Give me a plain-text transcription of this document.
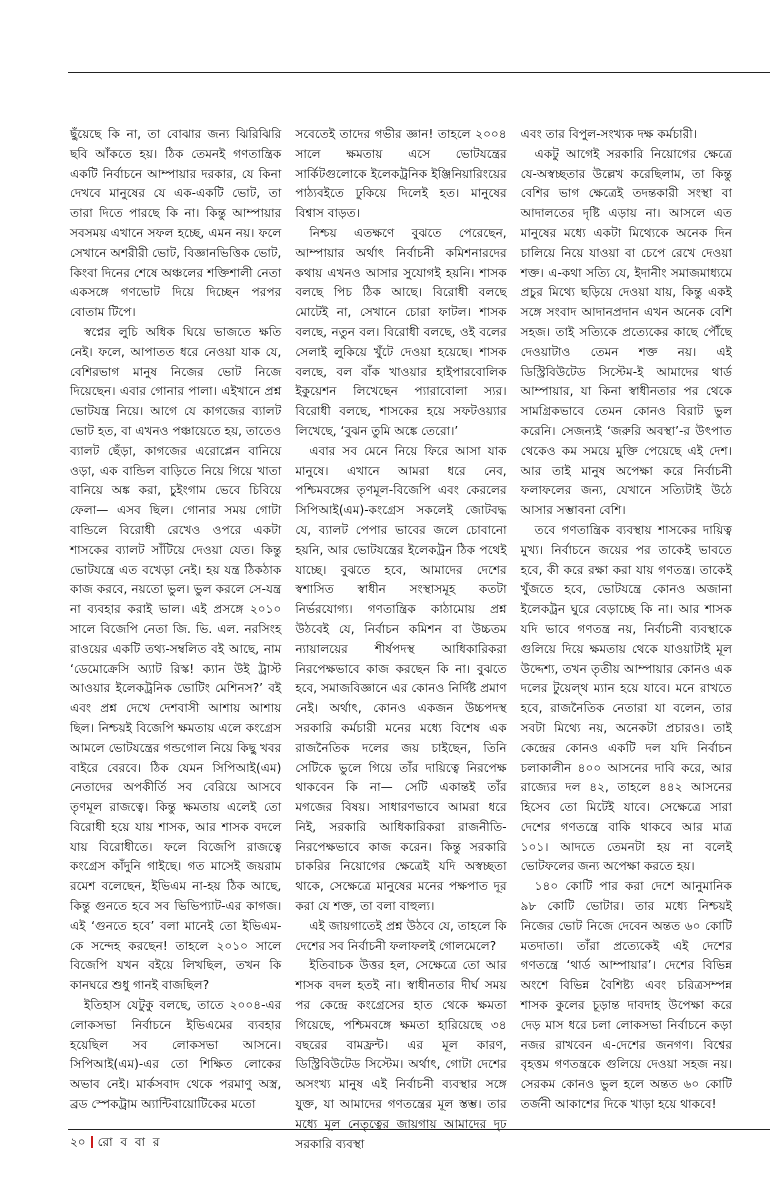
ছুঁয়েছে কি না, তা বোঝার জন্য ঝিরিঝিরি ছবি আঁকতে হয়। ঠিক তেমনই গণতান্ত্রিক একটি নির্বাচনে আম্পায়ার দরকার, যে কিনা দেখবে মানুষের যে এক-একটি ভোট, তা তারা দিতে পারছে কি না। কিন্তু আম্পায়ার সবসময় এখানে সফল হচ্ছে, এমন নয়। ফলে সেখানে অশরীরী ভোট, বিজ্ঞানভিত্তিক ভোট, কিংবা দিনের শেষে অঞ্চলের শক্তিশালী নেতা একসঙ্গে গণভোট দিয়ে দিচ্ছেন পরপর বোতাম টিপে।

স্বপ্নের লুচি অধিক ঘিয়ে ভাজতে ক্ষতি নেই। ফলে, আপাতত ধরে নেওয়া যাক যে, বেশিরভাগ মানুষ নিজের ভোট নিজে দিয়েছেন। এবার গোনার পালা। এইখানে প্রশ্ন ভোটযন্ত্র নিয়ে। আগে যে কাগজের ব্যালট ভোট হত, বা এখনও পঞ্চায়েতে হয়, তাতেও ব্যালট ছেঁড়া, কাগজের এরোপ্লেন বানিয়ে ওড়া, এক বান্ডিল বাড়িতে নিয়ে গিয়ে খাতা বানিয়ে অঙ্ক করা, চুইংগাম ভেবে চিবিয়ে ফেলা— এসব ছিল। গোনার সময় গোটা বান্ডিলে বিরোধী রেখেও ওপরে একটা শাসকের ব্যালট সাঁটিয়ে দেওয়া যেত। কিন্তু ভোটযন্ত্রে এত বখেড়া নেই। হয় যন্ত্র ঠিকঠাক কাজ করবে, নয়তো ভুল। ভুল করলে সে-যন্ত্র না ব্যবহার করাই ভাল। এই প্রসঙ্গে ২০১০ সালে বিজেপি নেতা জি. ভি. এল. নরসিংহ রাওয়ের একটি তথ্য-সম্বলিত বই আছে, নাম ‘ডেমোক্রেসি অ্যাট রিস্ক! ক্যান উই ট্রাস্ট আওয়ার ইলেকট্রনিক ভোটিং মেশিনস?’ বই এবং প্রশ্ন দেখে দেশবাসী আশায় আশায় ছিল। নিশ্চয়ই বিজেপি ক্ষমতায় এলে কংগ্রেস আমলে ভোটযন্ত্রের গন্ডগোল নিয়ে কিছু খবর বাইরে বেরবে। ঠিক যেমন সিপিআই(এম) নেতাদের অপকীর্তি সব বেরিয়ে আসবে তৃণমূল রাজত্বে। কিন্তু ক্ষমতায় এলেই তো বিরোধী হয়ে যায় শাসক, আর শাসক বদলে যায় বিরোধীতে। ফলে বিজেপি রাজত্বে কংগ্রেস কাঁদুনি গাইছে। গত মাসেই জয়রাম রমেশ বলেছেন, ইভিএম না-হয় ঠিক আছে, কিন্তু গুনতে হবে সব ভিভিপ্যাট-এর কাগজ। এই ‘গুনতে হবে’ বলা মানেই তো ইভিএম-কে সন্দেহ করছেন! তাহলে ২০১০ সালে বিজেপি যখন বইয়ে লিখছিল, তখন কি কানঘরে শুধু গানই বাজছিল?

ইতিহাস যেটুকু বলছে, তাতে ২০০৪-এর লোকসভা নির্বাচনে ইভিএমের ব্যবহার হয়েছিল সব লোকসভা আসনে। সিপিআই(এম)-এর তো শিক্ষিত লোকের অভাব নেই। মার্কসবাদ থেকে পরমাণু অস্ত্র, ব্রড স্পেকট্রাম অ্যান্টিবায়োটিকের মতো

সবেতেই তাদের গভীর জ্ঞান! তাহলে ২০০৪ সালে ক্ষমতায় এসে ভোটযন্ত্রের সার্কিটগুলোকে ইলেকট্রনিক ইঞ্জিনিয়ারিংয়ের পাঠ্যবইতে ঢুকিয়ে দিলেই হত। মানুষের বিশ্বাস বাড়ত।

নিশ্চয় এতক্ষণে বুঝতে পেরেছেন, আম্পায়ার অর্থাৎ নির্বাচনী কমিশনারদের কথায় এখনও আসার সুযোগই হয়নি। শাসক বলছে পিচ ঠিক আছে। বিরোধী বলছে মোটেই না, সেখানে চোরা ফাটল। শাসক বলছে, নতুন বল। বিরোধী বলছে, ওই বলের সেলাই লুকিয়ে খুঁটে দেওয়া হয়েছে। শাসক বলছে, বল বাঁক খাওয়ার হাইপারবোলিক ইকুয়েশন লিখেছেন প্যারাবোলা স্যর। বিরোধী বলছে, শাসকের হয়ে সফটওয়্যার লিখেছে, ‘বুঝন তুমি অঙ্কে তেরো।’

এবার সব মেনে নিয়ে ফিরে আসা যাক মানুষে। এখানে আমরা ধরে নেব, পশ্চিমবঙ্গের তৃণমূল-বিজেপি এবং কেরলের সিপিআই(এম)-কংগ্রেস সকলেই জোটবদ্ধ যে, ব্যালট পেপার ভাবের জলে চোবানো হয়নি, আর ভোটযন্ত্রের ইলেকট্রন ঠিক পথেই যাচ্ছে। বুঝতে হবে, আমাদের দেশের স্বশাসিত স্বাধীন সংস্থাসমূহ কতটা নির্ভরযোগ্য। গণতান্ত্রিক কাঠামোয় প্রশ্ন উঠবেই যে, নির্বাচন কমিশন বা উচ্চতম ন্যায়ালয়ের শীর্ষপদস্থ আধিকারিকরা নিরপেক্ষভাবে কাজ করছেন কি না। বুঝতে হবে, সমাজবিজ্ঞানে এর কোনও নির্দিষ্ট প্রমাণ নেই। অর্থাৎ, কোনও একজন উচ্চপদস্থ সরকারি কর্মচারী মনের মধ্যে বিশেষ এক রাজনৈতিক দলের জয় চাইছেন, তিনি সেটিকে ভুলে গিয়ে তাঁর দায়িত্বে নিরপেক্ষ থাকবেন কি না— সেটি একান্তই তাঁর মগজের বিষয়। সাধারণভাবে আমরা ধরে নিই, সরকারি আধিকারিকরা রাজনীতি-নিরপেক্ষভাবে কাজ করেন। কিন্তু সরকারি চাকরির নিয়োগের ক্ষেত্রেই যদি অস্বচ্ছতা থাকে, সেক্ষেত্রে মানুষের মনের পক্ষপাত দূর করা যে শক্ত, তা বলা বাহুল্য।

এই জায়গাতেই প্রশ্ন উঠবে যে, তাহলে কি দেশের সব নির্বাচনী ফলাফলই গোলমেলে?

ইতিবাচক উত্তর হল, সেক্ষেত্রে তো আর শাসক বদল হতই না। স্বাধীনতার দীর্ঘ সময় পর কেন্দ্রে কংগ্রেসের হাত থেকে ক্ষমতা গিয়েছে, পশ্চিমবঙ্গে ক্ষমতা হারিয়েছে ৩৪ বছরের বামফ্রন্ট। এর মূল কারণ, ডিস্ট্রিবিউটেড সিস্টেম। অর্থাৎ, গোটা দেশের অসংখ্য মানুষ এই নির্বাচনী ব্যবস্থার সঙ্গে যুক্ত, যা আমাদের গণতন্ত্রের মূল স্তম্ভ। তার মধ্যে মূল নেতৃত্বের জায়গায় আমাদের দৃঢ় সরকারি ব্যবস্থা

এবং তার বিপুল-সংখ্যক দক্ষ কর্মচারী।

একটু আগেই সরকারি নিয়োগের ক্ষেত্রে যে-অস্বচ্ছতার উল্লেখ করেছিলাম, তা কিন্তু বেশির ভাগ ক্ষেত্রেই তদন্তকারী সংস্থা বা আদালতের দৃষ্টি এড়ায় না। আসলে এত মানুষের মধ্যে একটা মিথ্যেকে অনেক দিন চালিয়ে নিয়ে যাওয়া বা চেপে রেখে দেওয়া শক্ত। এ-কথা সত্যি যে, ইদানীং সমাজমাধ্যমে প্রচুর মিথ্যে ছড়িয়ে দেওয়া যায়, কিন্তু একই সঙ্গে সংবাদ আদানপ্রদান এখন অনেক বেশি সহজ। তাই সত্যিকে প্রত্যেকের কাছে পৌঁছে দেওয়াটাও তেমন শক্ত নয়। এই ডিস্ট্রিবিউটেড সিস্টেম-ই আমাদের থার্ড আম্পায়ার, যা কিনা স্বাধীনতার পর থেকে সামগ্রিকভাবে তেমন কোনও বিরাট ভুল করেনি। সেজন্যই ‘জরুরি অবস্থা’-র উৎপাত থেকেও কম সময়ে মুক্তি পেয়েছে এই দেশ। আর তাই মানুষ অপেক্ষা করে নির্বাচনী ফলাফলের জন্য, যেখানে সত্যিটাই উঠে আসার সম্ভাবনা বেশি।

তবে গণতান্ত্রিক ব্যবস্থায় শাসকের দায়িত্ব মুখ্য। নির্বাচনে জয়ের পর তাকেই ভাবতে হবে, কী করে রক্ষা করা যায় গণতন্ত্র। তাকেই খুঁজতে হবে, ভোটযন্ত্রে কোনও অজানা ইলেকট্রন ঘুরে বেড়াচ্ছে কি না। আর শাসক যদি ভাবে গণতন্ত্র নয়, নির্বাচনী ব্যবস্থাকে গুলিয়ে দিয়ে ক্ষমতায় থেকে যাওয়াটাই মূল উদ্দেশ্য, তখন তৃতীয় আম্পায়ার কোনও এক দলের টুয়েল্‌থ ম্যান হয়ে যাবে। মনে রাখতে হবে, রাজনৈতিক নেতারা যা বলেন, তার সবটা মিথ্যে নয়, অনেকটা প্রচারও। তাই কেন্দ্রের কোনও একটি দল যদি নির্বাচন চলাকালীন ৪০০ আসনের দাবি করে, আর রাজ্যের দল ৪২, তাহলে ৪৪২ আসনের হিসেব তো মিটেই যাবে। সেক্ষেত্রে সারা দেশের গণতন্ত্রে বাকি থাকবে আর মাত্র ১০১। আদতে তেমনটা হয় না বলেই ভোটফলের জন্য অপেক্ষা করতে হয়।

১৪০ কোটি পার করা দেশে আনুমানিক ৯৮ কোটি ভোটার। তার মধ্যে নিশ্চয়ই নিজের ভোট নিজে দেবেন অন্তত ৬০ কোটি মতদাতা। তাঁরা প্রত্যেকেই এই দেশের গণতন্ত্রে ‘থার্ড আম্পায়ার’। দেশের বিভিন্ন অংশে বিভিন্ন বৈশিষ্ট্য এবং চরিত্রসম্পন্ন শাসক কুলের চূড়ান্ত দাবদাহ উপেক্ষা করে দেড় মাস ধরে চলা লোকসভা নির্বাচনে কড়া নজর রাখবেন এ-দেশের জনগণ। বিশ্বের বৃহত্তম গণতন্ত্রকে গুলিয়ে দেওয়া সহজ নয়। সেরকম কোনও ভুল হলে অন্তত ৬০ কোটি তর্জনী আকাশের দিকে খাড়া হয়ে থাকবে!

২০ রো ব বা র
